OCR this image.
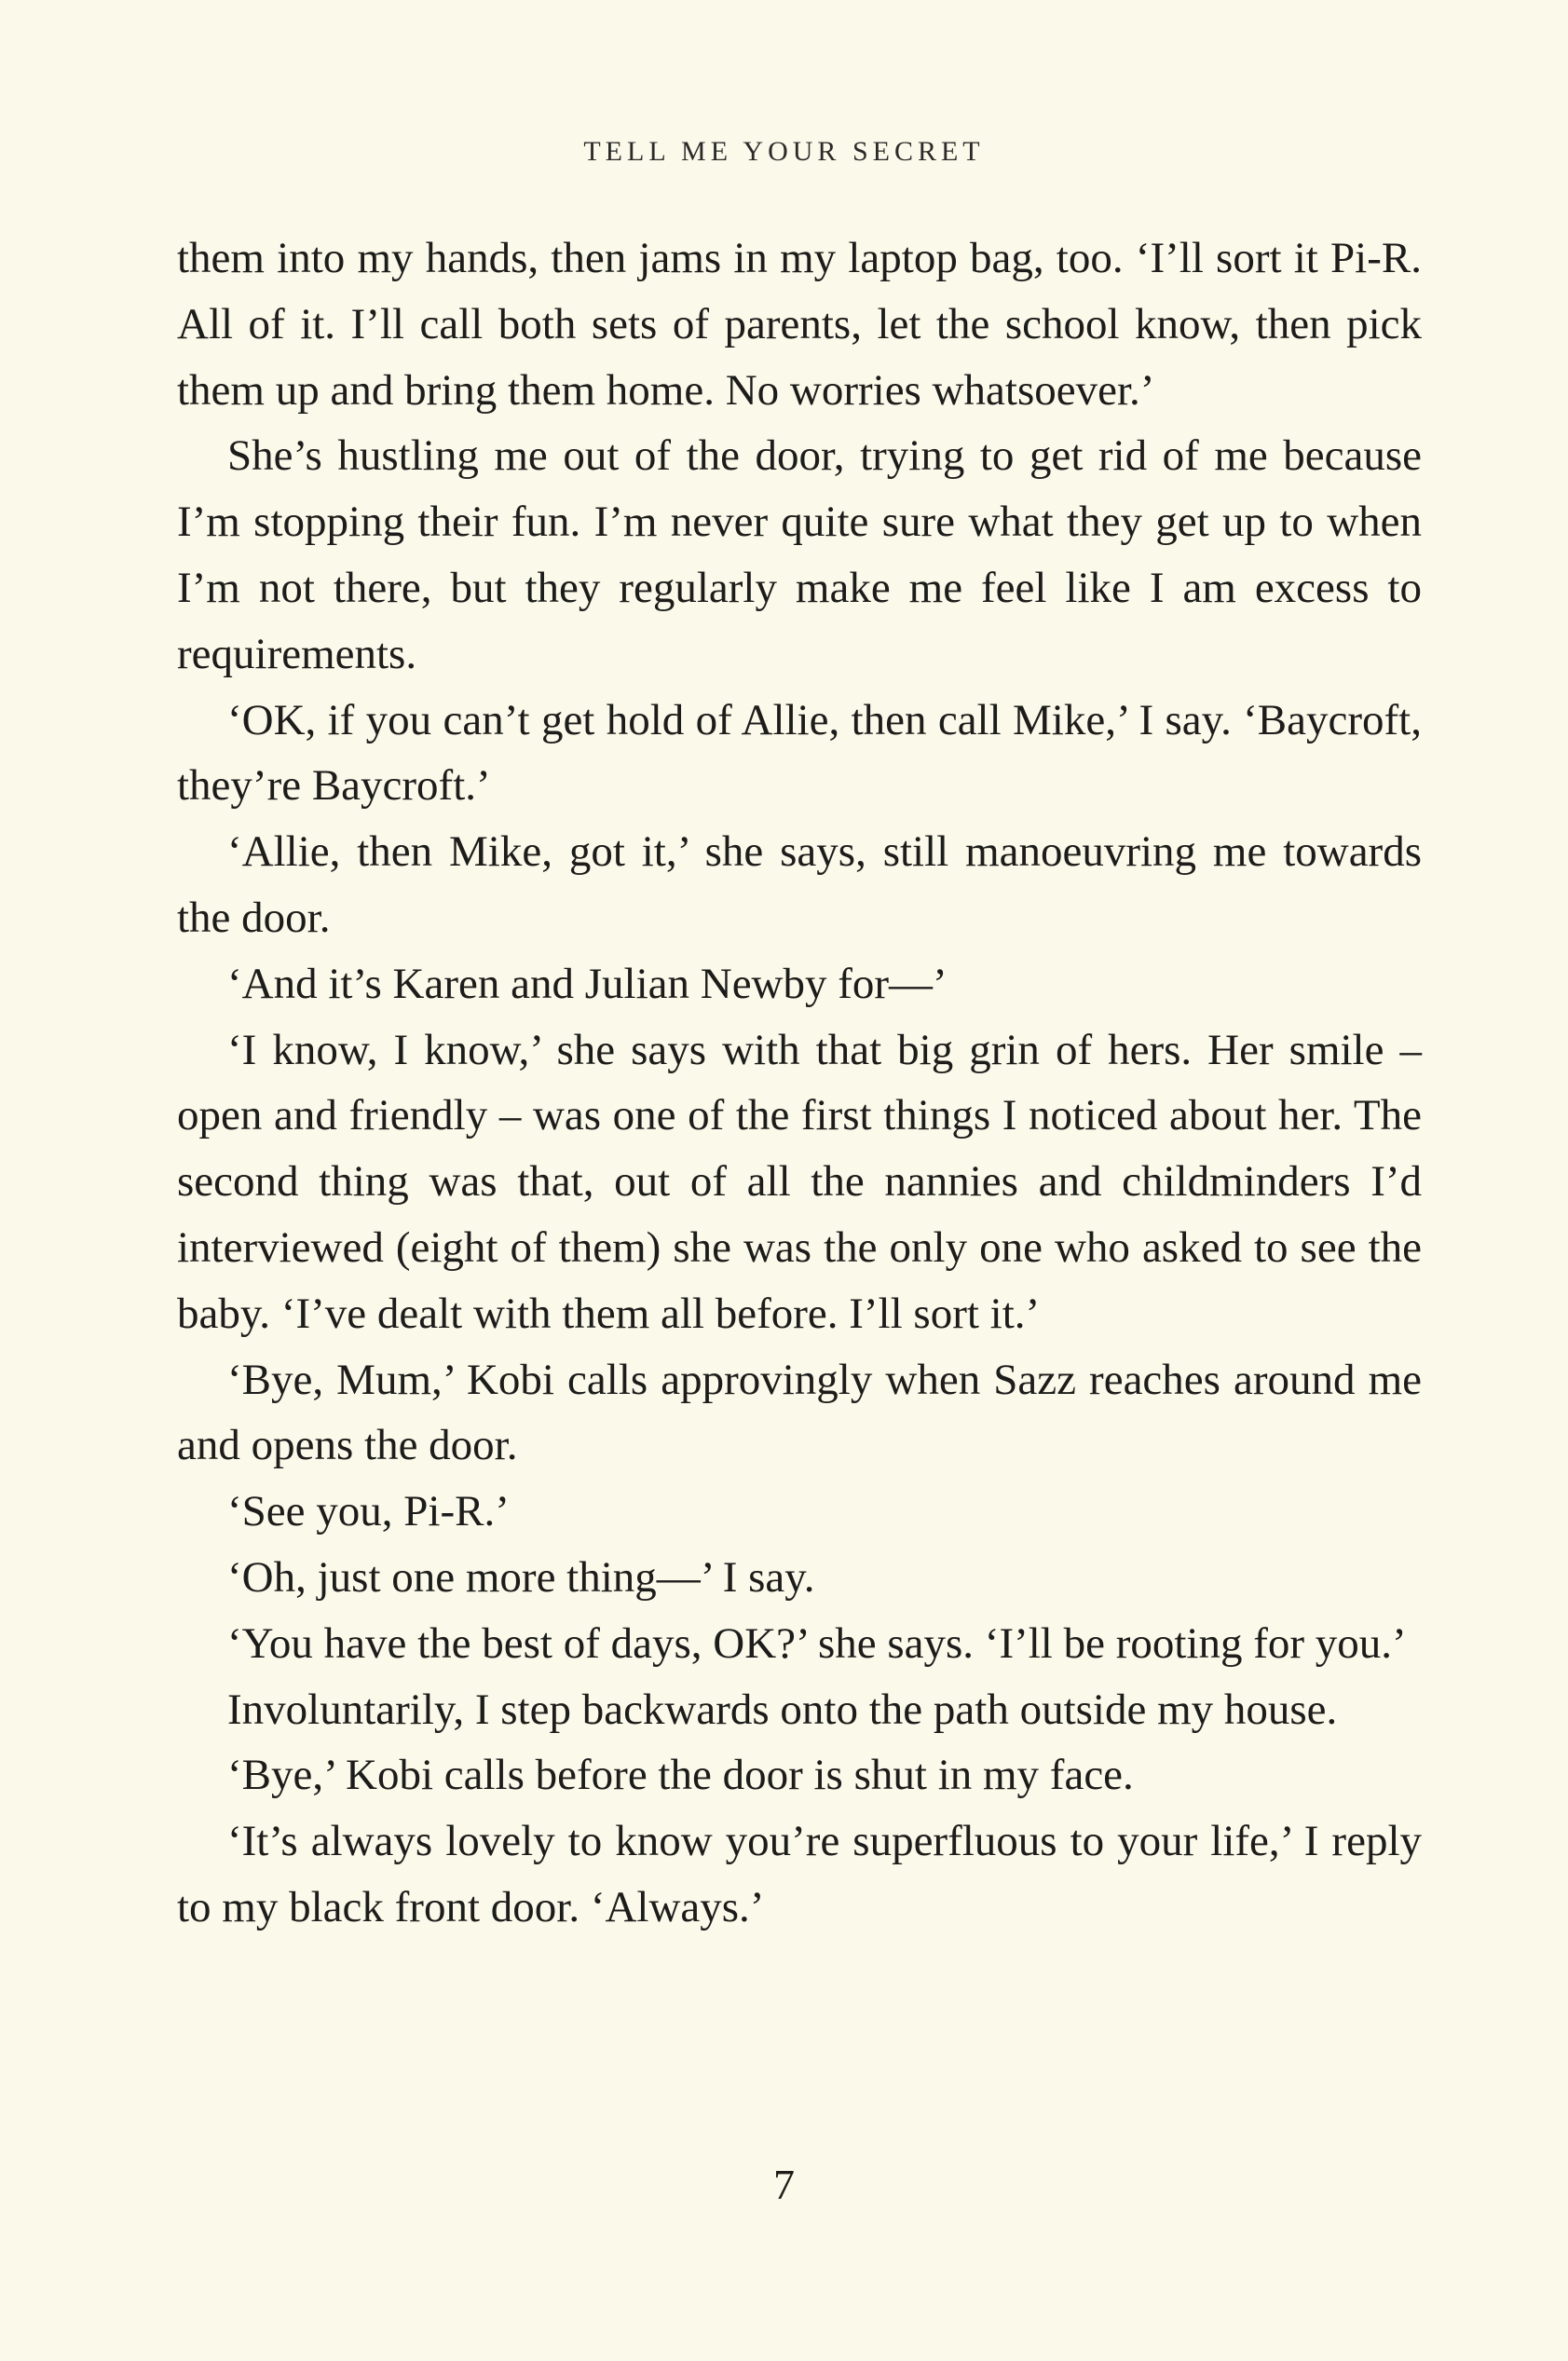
TELL ME YOUR SECRET

them into my hands, then jams in my laptop bag, too. ‘I’ll sort it Pi-R. All of it. I’ll call both sets of parents, let the school know, then pick them up and bring them home. No worries whatsoever.’

She’s hustling me out of the door, trying to get rid of me because I’m stopping their fun. I’m never quite sure what they get up to when I’m not there, but they regularly make me feel like I am excess to requirements.

‘OK, if you can’t get hold of Allie, then call Mike,’ I say. ‘Baycroft, they’re Baycroft.’

‘Allie, then Mike, got it,’ she says, still manoeuvring me towards the door.

‘And it’s Karen and Julian Newby for—’

‘I know, I know,’ she says with that big grin of hers. Her smile – open and friendly – was one of the first things I noticed about her. The second thing was that, out of all the nannies and childminders I’d interviewed (eight of them) she was the only one who asked to see the baby. ‘I’ve dealt with them all before. I’ll sort it.’

‘Bye, Mum,’ Kobi calls approvingly when Sazz reaches around me and opens the door.

‘See you, Pi-R.’

‘Oh, just one more thing—’ I say.

‘You have the best of days, OK?’ she says. ‘I’ll be rooting for you.’

Involuntarily, I step backwards onto the path outside my house.

‘Bye,’ Kobi calls before the door is shut in my face.

‘It’s always lovely to know you’re superfluous to your life,’ I reply to my black front door. ‘Always.’

7
